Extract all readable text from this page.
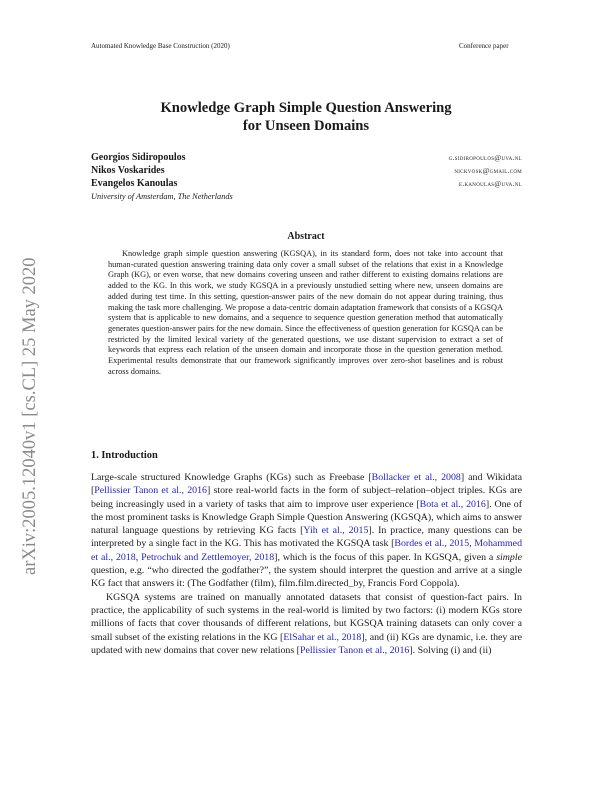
Automated Knowledge Base Construction (2020)	Conference paper
Knowledge Graph Simple Question Answering
for Unseen Domains
Georgios Sidiropoulos	g.sidiropoulos@uva.nl
Nikos Voskarides	nickvosk@gmail.com
Evangelos Kanoulas	e.kanoulas@uva.nl
University of Amsterdam, The Netherlands
Abstract
Knowledge graph simple question answering (KGSQA), in its standard form, does not take into account that human-curated question answering training data only cover a small subset of the relations that exist in a Knowledge Graph (KG), or even worse, that new domains covering unseen and rather different to existing domains relations are added to the KG. In this work, we study KGSQA in a previously unstudied setting where new, unseen domains are added during test time. In this setting, question-answer pairs of the new domain do not appear during training, thus making the task more challenging. We propose a data-centric domain adaptation framework that consists of a KGSQA system that is applicable to new domains, and a sequence to sequence question generation method that automatically generates question-answer pairs for the new domain. Since the effectiveness of question generation for KGSQA can be restricted by the limited lexical variety of the generated questions, we use distant supervision to extract a set of keywords that express each relation of the unseen domain and incorporate those in the question generation method. Experimental results demonstrate that our framework significantly improves over zero-shot baselines and is robust across domains.
1. Introduction

Large-scale structured Knowledge Graphs (KGs) such as Freebase [Bollacker et al., 2008] and Wikidata [Pellissier Tanon et al., 2016] store real-world facts in the form of subject–relation–object triples. KGs are being increasingly used in a variety of tasks that aim to improve user experience [Bota et al., 2016]. One of the most prominent tasks is Knowledge Graph Simple Question Answering (KGSQA), which aims to answer natural language questions by retrieving KG facts [Yih et al., 2015]. In practice, many questions can be interpreted by a single fact in the KG. This has motivated the KGSQA task [Bordes et al., 2015, Mohammed et al., 2018, Petrochuk and Zettlemoyer, 2018], which is the focus of this paper. In KGSQA, given a simple question, e.g. “who directed the godfather?”, the system should interpret the question and arrive at a single KG fact that answers it: (The Godfather (film), film.film.directed_by, Francis Ford Coppola).

KGSQA systems are trained on manually annotated datasets that consist of question-fact pairs. In practice, the applicability of such systems in the real-world is limited by two factors: (i) modern KGs store millions of facts that cover thousands of different relations, but KGSQA training datasets can only cover a small subset of the existing relations in the KG [ElSahar et al., 2018], and (ii) KGs are dynamic, i.e. they are updated with new domains that cover new relations [Pellissier Tanon et al., 2016]. Solving (i) and (ii)

arXiv:2005.12040v1 [cs.CL] 25 May 2020
